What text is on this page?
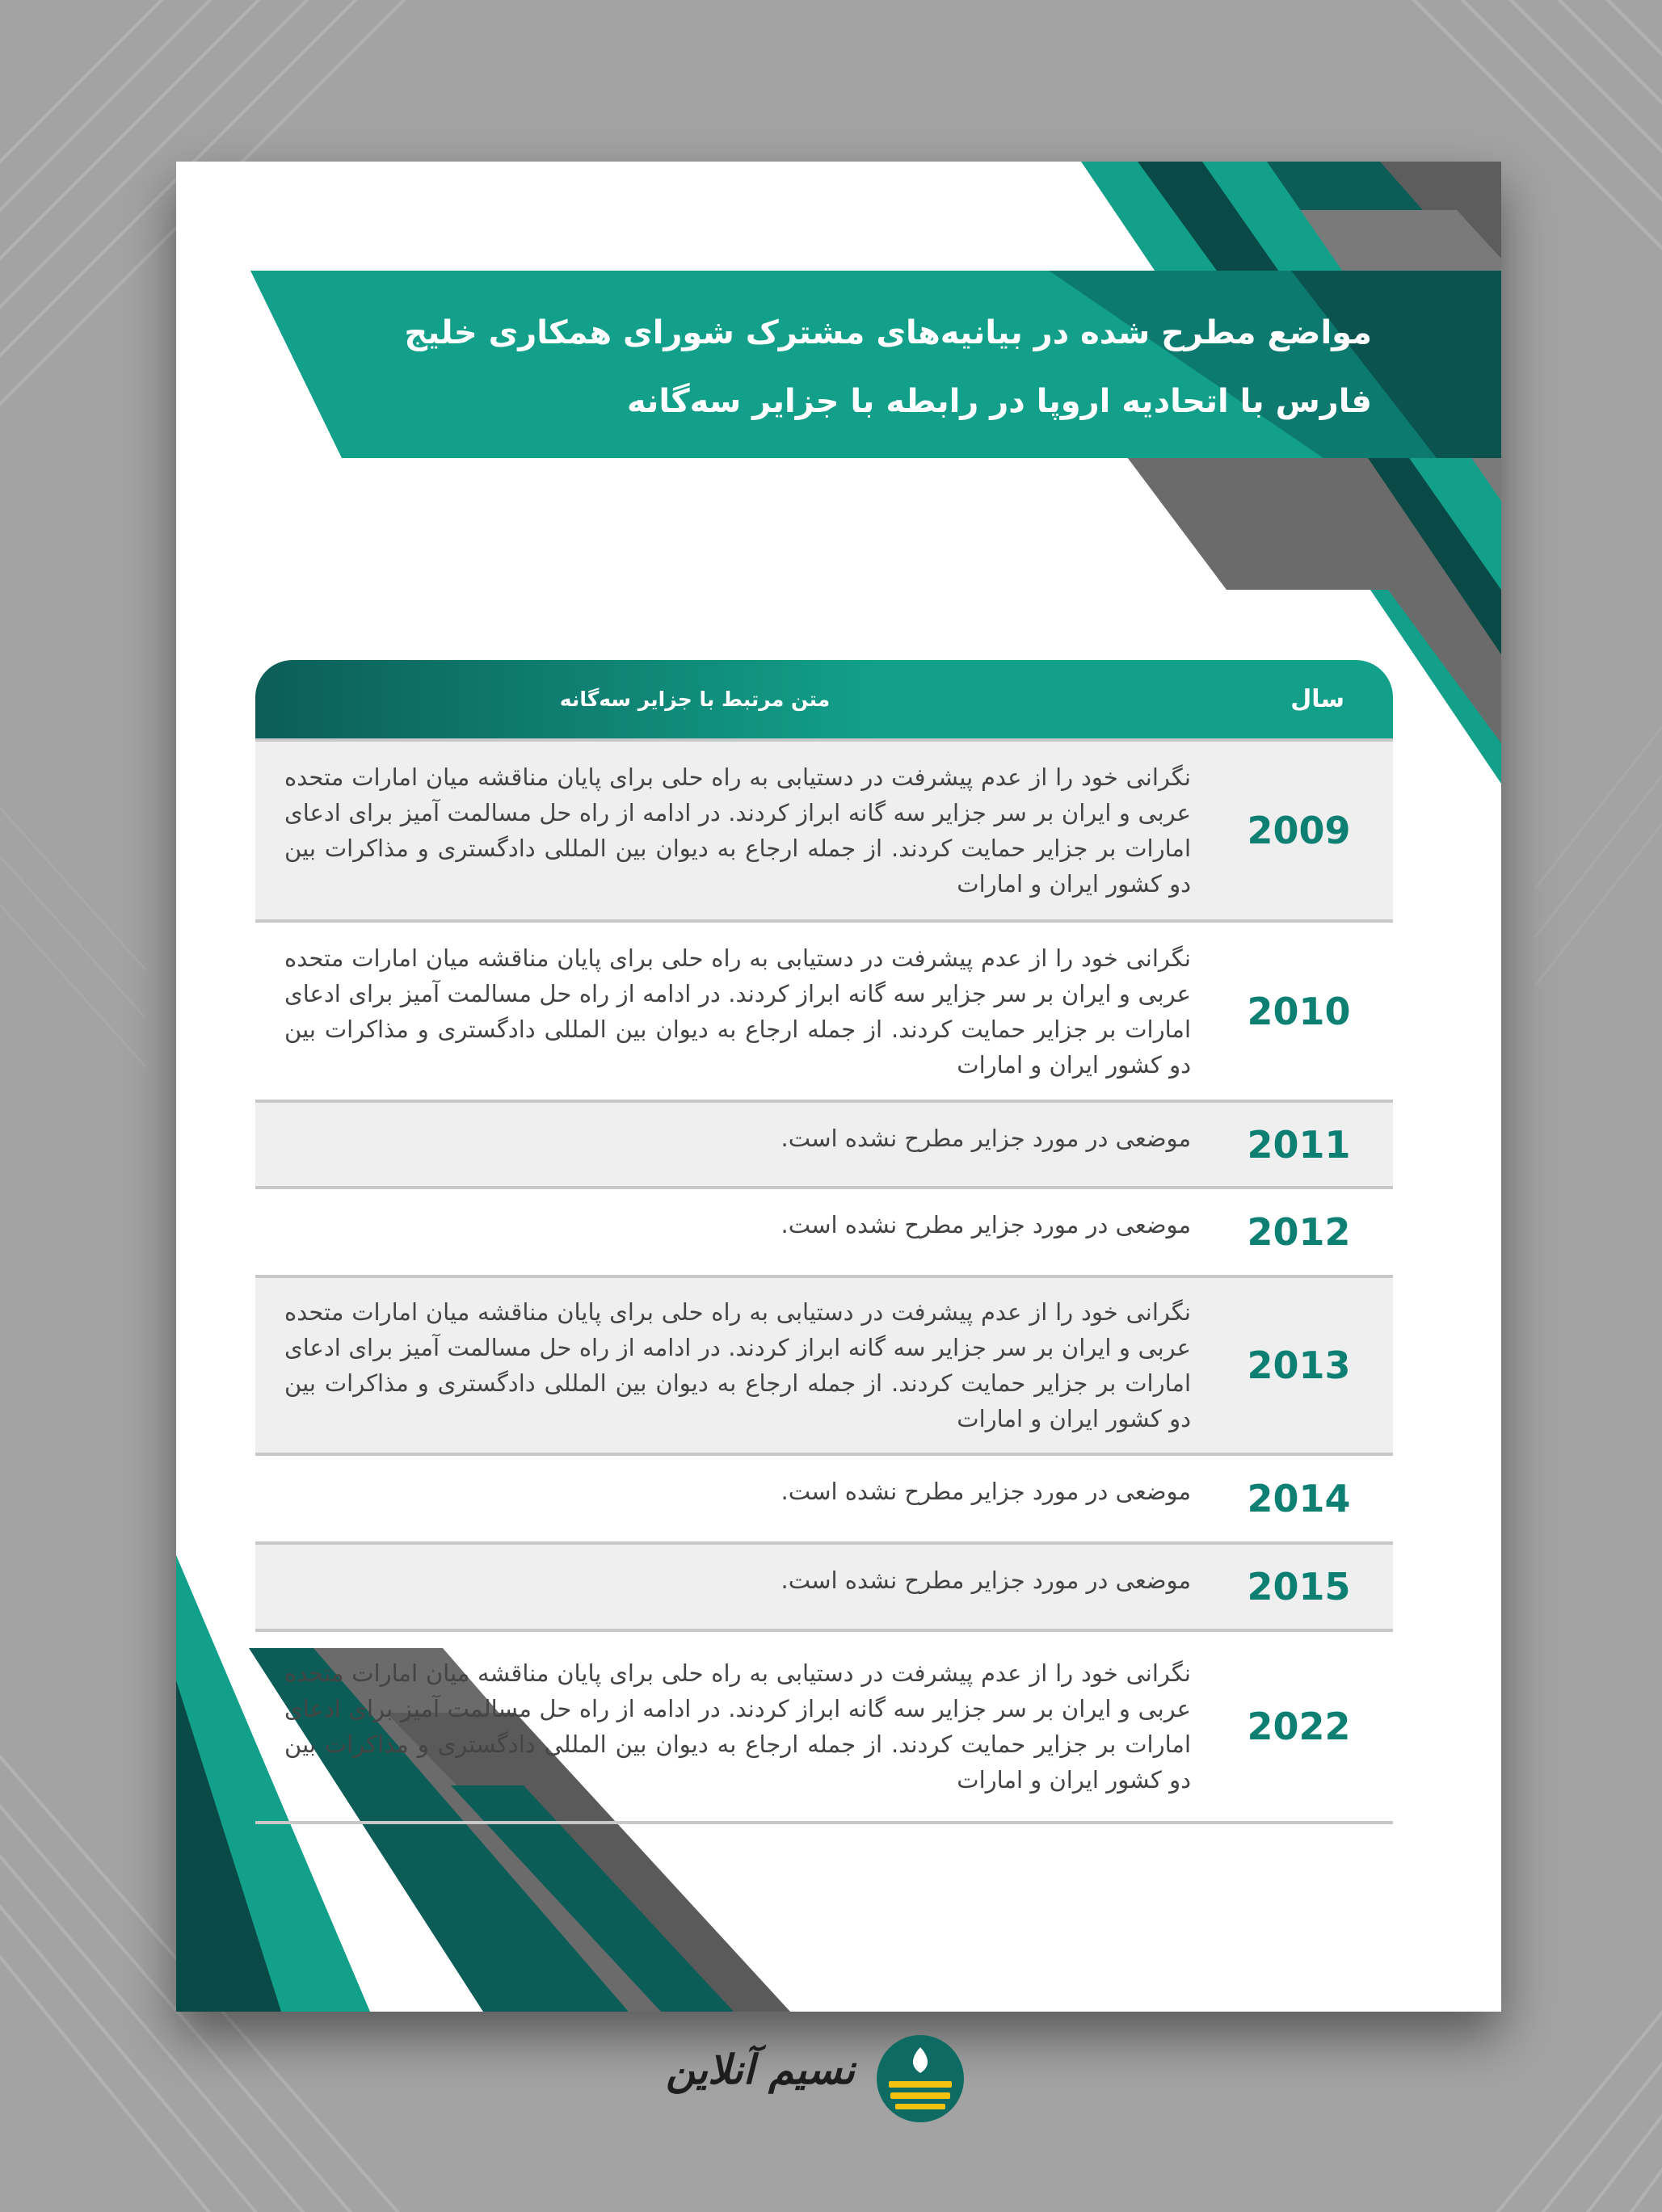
مواضع مطرح شده در بیانیه‌های مشترک شورای همکاری خلیج فارس با اتحادیه اروپا در رابطه با جزایر سه‌گانه
سال
متن مرتبط با جزایر سه‌گانه
2009
نگرانی خود را از عدم پیشرفت در دستیابی به راه حلی برای پایان مناقشه میان امارات متحده عربی و ایران بر سر جزایر سه گانه ابراز کردند. در ادامه از راه حل مسالمت آمیز برای ادعای امارات بر جزایر حمایت کردند. از جمله ارجاع به دیوان بین المللی دادگستری و مذاکرات بین دو کشور ایران و امارات
2010
نگرانی خود را از عدم پیشرفت در دستیابی به راه حلی برای پایان مناقشه میان امارات متحده عربی و ایران بر سر جزایر سه گانه ابراز کردند. در ادامه از راه حل مسالمت آمیز برای ادعای امارات بر جزایر حمایت کردند. از جمله ارجاع به دیوان بین المللی دادگستری و مذاکرات بین دو کشور ایران و امارات
2011
موضعی در مورد جزایر مطرح نشده است.
2012
موضعی در مورد جزایر مطرح نشده است.
2013
نگرانی خود را از عدم پیشرفت در دستیابی به راه حلی برای پایان مناقشه میان امارات متحده عربی و ایران بر سر جزایر سه گانه ابراز کردند. در ادامه از راه حل مسالمت آمیز برای ادعای امارات بر جزایر حمایت کردند. از جمله ارجاع به دیوان بین المللی دادگستری و مذاکرات بین دو کشور ایران و امارات
2014
موضعی در مورد جزایر مطرح نشده است.
2015
موضعی در مورد جزایر مطرح نشده است.
2022
نگرانی خود را از عدم پیشرفت در دستیابی به راه حلی برای پایان مناقشه میان امارات متحده عربی و ایران بر سر جزایر سه گانه ابراز کردند. در ادامه از راه حل مسالمت آمیز برای ادعای امارات بر جزایر حمایت کردند. از جمله ارجاع به دیوان بین المللی دادگستری و مذاکرات بین دو کشور ایران و امارات
نسیم آنلاین
